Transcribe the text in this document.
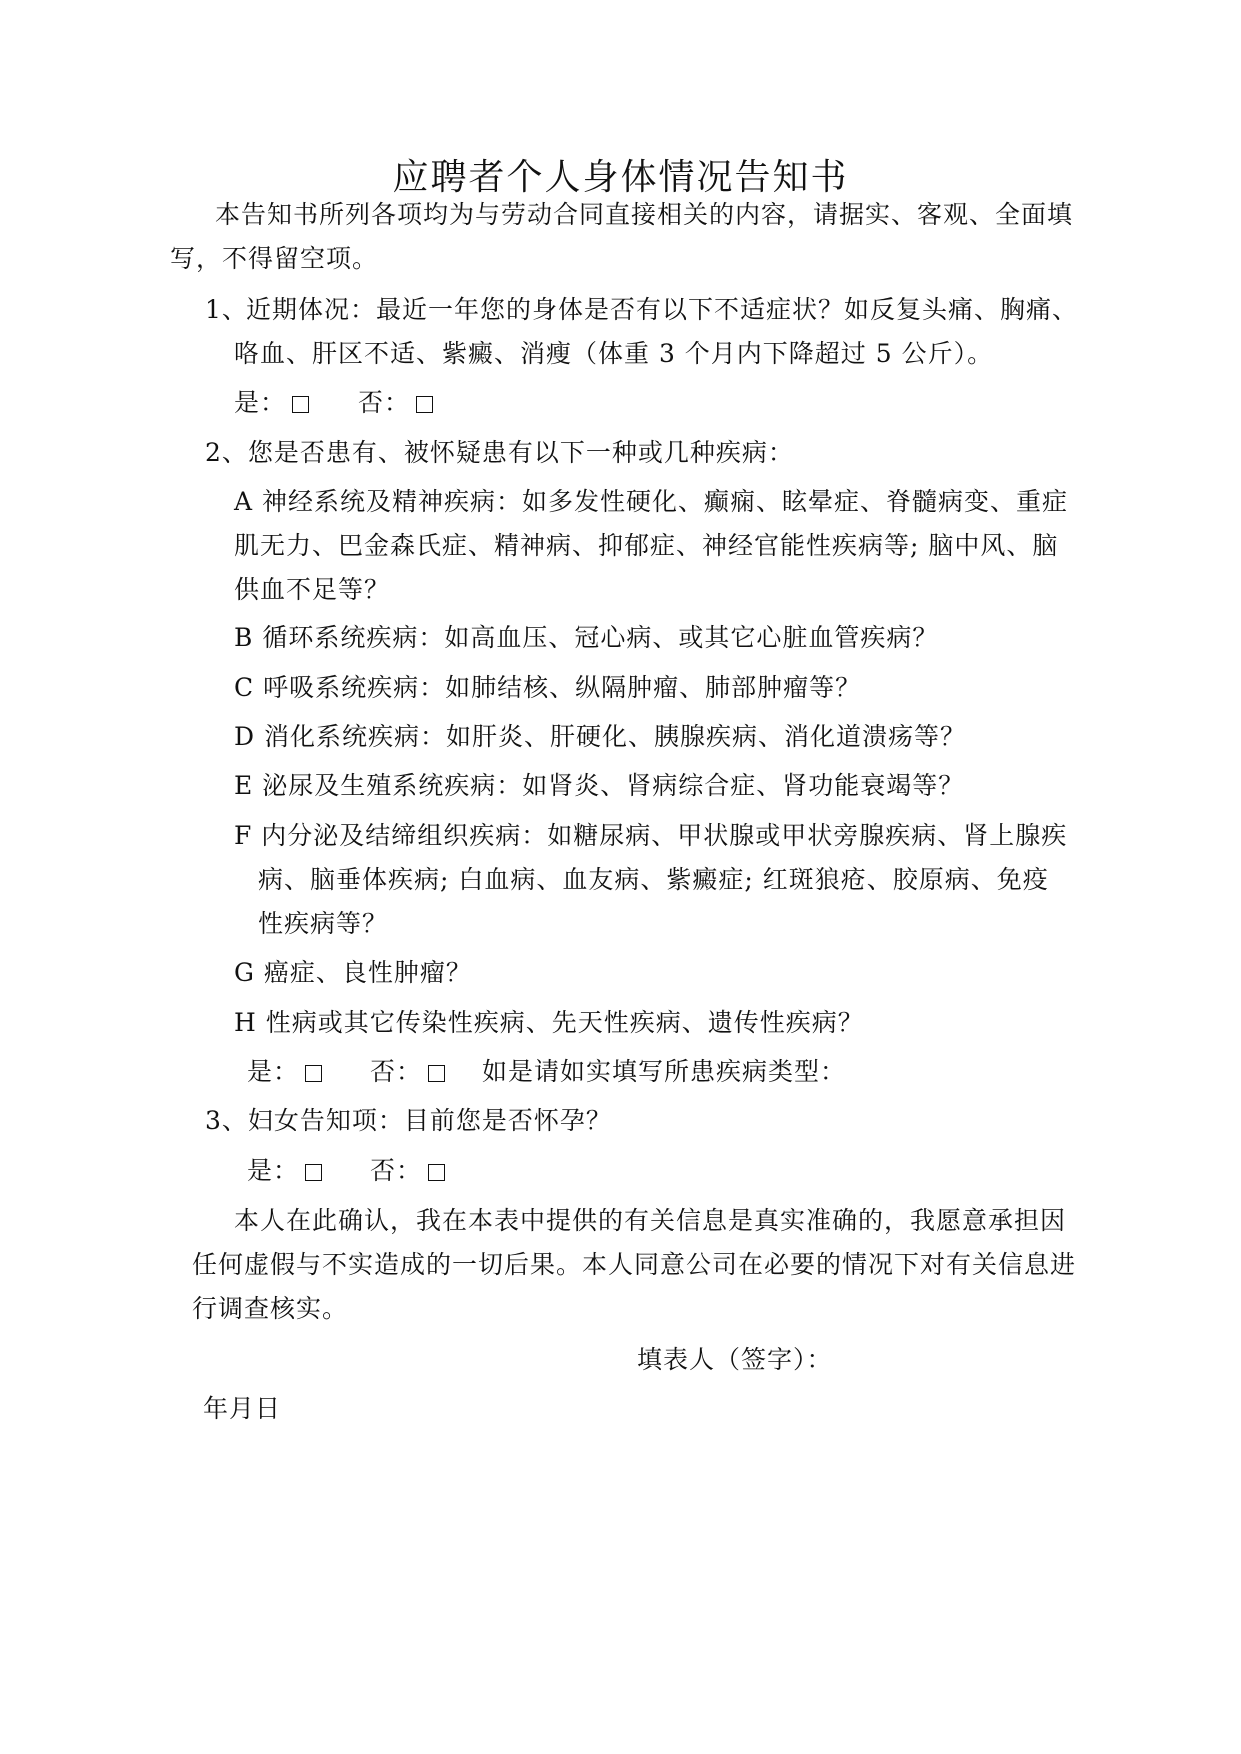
应聘者个人身体情况告知书
本告知书所列各项均为与劳动合同直接相关的内容，请据实、客观、全面填
写，不得留空项。
1、
近期体况：最近一年您的身体是否有以下不适症状？如反复头痛、胸痛、
咯血、肝区不适、紫癜、消瘦（体重 3 个月内下降超过 5 公斤）。
是：	否：
2、您是否患有、被怀疑患有以下一种或几种疾病：
A 神经系统及精神疾病：如多发性硬化、癫痫、眩晕症、脊髓病变、重症
肌无力、巴金森氏症、精神病、抑郁症、神经官能性疾病等; 脑中风、脑
供血不足等？
B 循环系统疾病：如高血压、冠心病、或其它心脏血管疾病？
C 呼吸系统疾病：如肺结核、纵隔肿瘤、肺部肿瘤等？
D 消化系统疾病：如肝炎、肝硬化、胰腺疾病、消化道溃疡等？
E 泌尿及生殖系统疾病：如肾炎、肾病综合症、肾功能衰竭等？
F 内分泌及结缔组织疾病：如糖尿病、甲状腺或甲状旁腺疾病、肾上腺疾
病、脑垂体疾病; 白血病、血友病、紫癜症; 红斑狼疮、胶原病、免疫
性疾病等？
G 癌症、良性肿瘤？
H 性病或其它传染性疾病、先天性疾病、遗传性疾病？
是：	否：	如是请如实填写所患疾病类型：
3、妇女告知项：目前您是否怀孕？
是：	否：
本人在此确认，我在本表中提供的有关信息是真实准确的，我愿意承担因
任何虚假与不实造成的一切后果。本人同意公司在必要的情况下对有关信息进
行调查核实。
填表人（签字）：
年月日
